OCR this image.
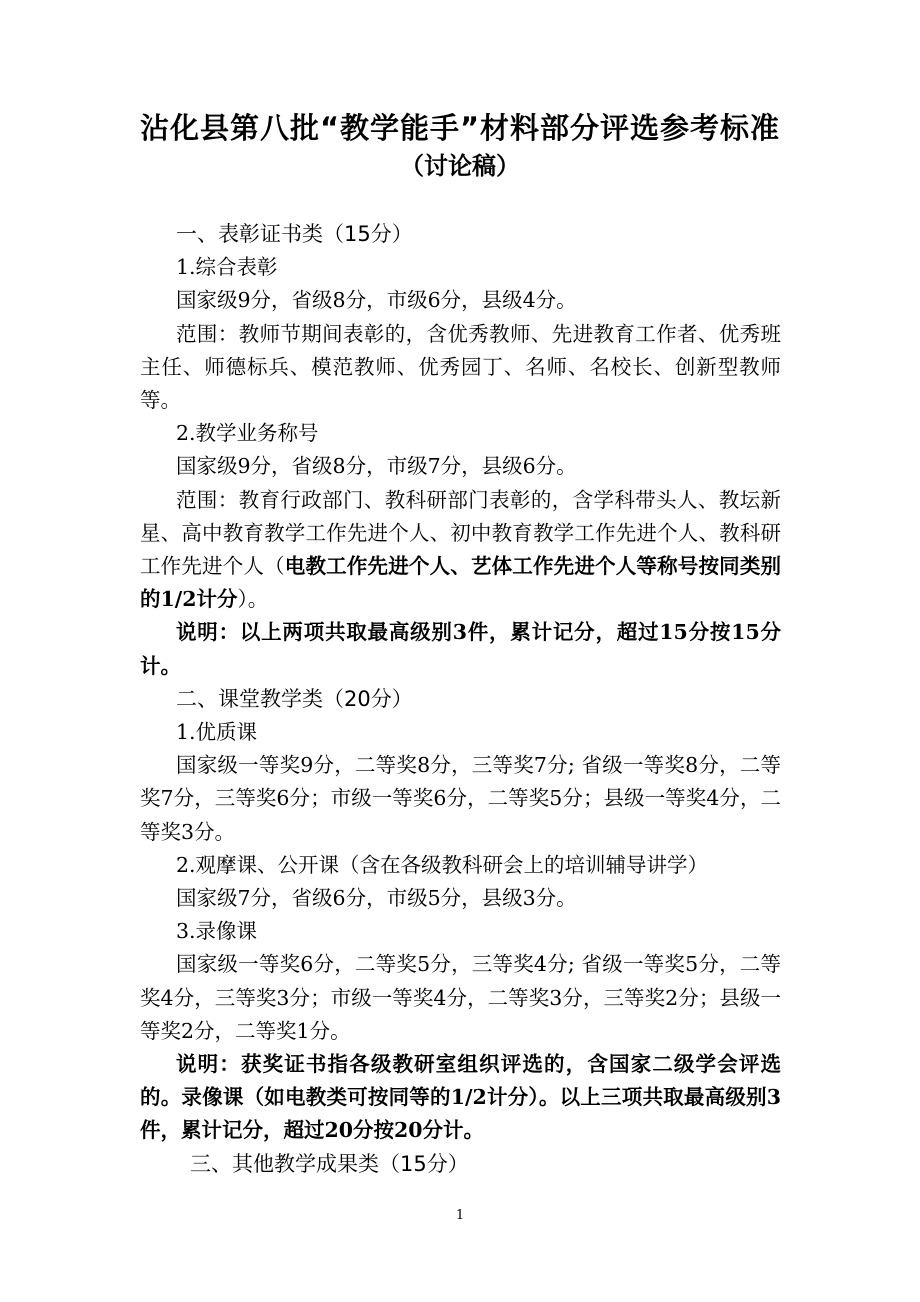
沾化县第八批“教学能手”材料部分评选参考标准
（讨论稿）

一、表彰证书类（15分）

1.综合表彰

国家级9分，省级8分，市级6分，县级4分。

范围：教师节期间表彰的，含优秀教师、先进教育工作者、优秀班主任、师德标兵、模范教师、优秀园丁、名师、名校长、创新型教师等。

2.教学业务称号

国家级9分，省级8分，市级7分，县级6分。

范围：教育行政部门、教科研部门表彰的，含学科带头人、教坛新星、高中教育教学工作先进个人、初中教育教学工作先进个人、教科研工作先进个人（电教工作先进个人、艺体工作先进个人等称号按同类别的1/2计分）。

说明：以上两项共取最高级别3件，累计记分，超过15分按15分计。

二、课堂教学类（20分）

1.优质课

国家级一等奖9分，二等奖8分，三等奖7分; 省级一等奖8分，二等奖7分，三等奖6分；市级一等奖6分，二等奖5分；县级一等奖4分，二等奖3分。

2.观摩课、公开课（含在各级教科研会上的培训辅导讲学）

国家级7分，省级6分，市级5分，县级3分。

3.录像课

国家级一等奖6分，二等奖5分，三等奖4分; 省级一等奖5分，二等奖4分，三等奖3分；市级一等奖4分，二等奖3分，三等奖2分；县级一等奖2分，二等奖1分。

说明：获奖证书指各级教研室组织评选的，含国家二级学会评选的。录像课（如电教类可按同等的1/2计分）。以上三项共取最高级别3件，累计记分，超过20分按20分计。

三、其他教学成果类（15分）

1
